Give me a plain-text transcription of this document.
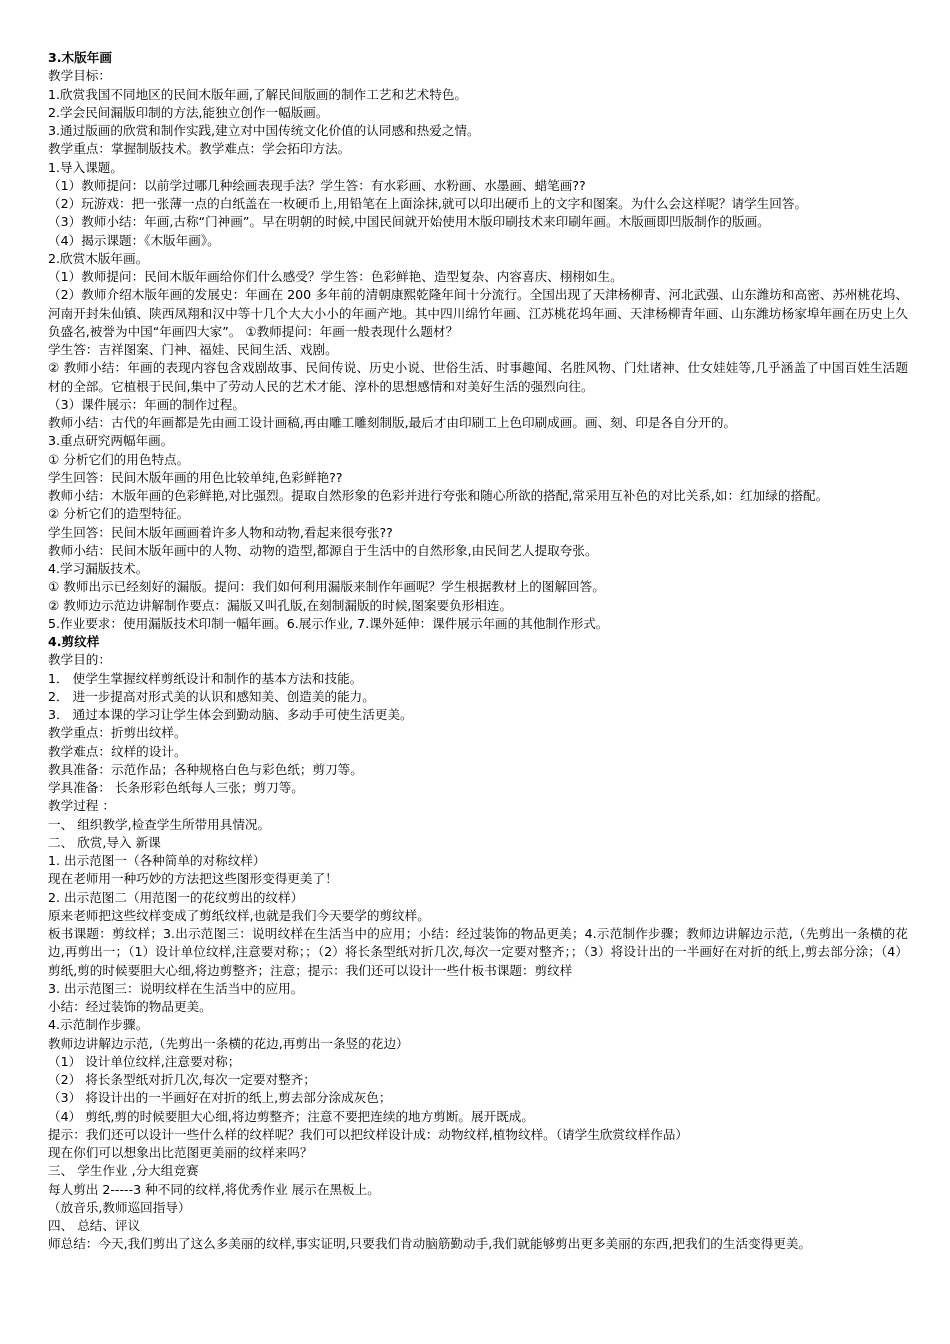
3.木版年画
教学目标：
1.欣赏我国不同地区的民间木版年画,了解民间版画的制作工艺和艺术特色。
2.学会民间漏版印制的方法,能独立创作一幅版画。
3.通过版画的欣赏和制作实践,建立对中国传统文化价值的认同感和热爱之情。
教学重点：掌握制版技术。教学难点：学会拓印方法。
1.导入课题。
（1）教师提问：以前学过哪几种绘画表现手法？学生答：有水彩画、水粉画、水墨画、蜡笔画??
（2）玩游戏：把一张薄一点的白纸盖在一枚硬币上,用铅笔在上面涂抹,就可以印出硬币上的文字和图案。为什么会这样呢？请学生回答。
（3）教师小结：年画,古称“门神画”。早在明朝的时候,中国民间就开始使用木版印刷技术来印刷年画。木版画即凹版制作的版画。
（4）揭示课题：《木版年画》。
2.欣赏木版年画。
（1）教师提问：民间木版年画给你们什么感受？学生答：色彩鲜艳、造型复杂、内容喜庆、栩栩如生。
（2）教师介绍木版年画的发展史：年画在 200 多年前的清朝康熙乾隆年间十分流行。全国出现了天津杨柳青、河北武强、山东潍坊和高密、苏州桃花坞、河南开封朱仙镇、陕西凤翔和汉中等十几个大大小小的年画产地。其中四川绵竹年画、江苏桃花坞年画、天津杨柳青年画、山东潍坊杨家埠年画在历史上久负盛名,被誉为中国“年画四大家”。 ①教师提问：年画一般表现什么题材？
学生答：吉祥图案、门神、福娃、民间生活、戏剧。
② 教师小结：年画的表现内容包含戏剧故事、民间传说、历史小说、世俗生活、时事趣闻、名胜风物、门灶诸神、仕女娃娃等,几乎涵盖了中国百姓生活题材的全部。它植根于民间,集中了劳动人民的艺术才能、淳朴的思想感情和对美好生活的强烈向往。
（3）课件展示：年画的制作过程。
教师小结：古代的年画都是先由画工设计画稿,再由雕工雕刻制版,最后才由印刷工上色印刷成画。画、刻、印是各自分开的。
3.重点研究两幅年画。
① 分析它们的用色特点。
学生回答：民间木版年画的用色比较单纯,色彩鲜艳??
教师小结：木版年画的色彩鲜艳,对比强烈。提取自然形象的色彩并进行夸张和随心所欲的搭配,常采用互补色的对比关系,如：红加绿的搭配。
② 分析它们的造型特征。
学生回答：民间木版年画画着许多人物和动物,看起来很夸张??
教师小结：民间木版年画中的人物、动物的造型,都源自于生活中的自然形象,由民间艺人提取夸张。
4.学习漏版技术。
① 教师出示已经刻好的漏版。提问：我们如何利用漏版来制作年画呢？学生根据教材上的图解回答。
② 教师边示范边讲解制作要点：漏版又叫孔版,在刻制漏版的时候,图案要负形相连。
5.作业要求：使用漏版技术印制一幅年画。6.展示作业, 7.课外延伸：课件展示年画的其他制作形式。
4.剪纹样
教学目的：
1． 使学生掌握纹样剪纸设计和制作的基本方法和技能。
2． 进一步提高对形式美的认识和感知美、创造美的能力。
3． 通过本课的学习让学生体会到勤动脑、多动手可使生活更美。
教学重点：折剪出纹样。
教学难点：纹样的设计。
教具准备：示范作品；各种规格白色与彩色纸；剪刀等。
学具准备： 长条形彩色纸每人三张；剪刀等。
教学过程 ：
一、 组织教学,检查学生所带用具情况。
二、 欣赏,导入 新课
1. 出示范图一（各种简单的对称纹样）
现在老师用一种巧妙的方法把这些图形变得更美了！
2. 出示范图二（用范图一的花纹剪出的纹样）
原来老师把这些纹样变成了剪纸纹样,也就是我们今天要学的剪纹样。
板书课题：剪纹样；3.出示范图三：说明纹样在生活当中的应用；小结：经过装饰的物品更美；4.示范制作步骤；教师边讲解边示范,（先剪出一条横的花边,再剪出一；（1）设计单位纹样,注意要对称；；（2）将长条型纸对折几次,每次一定要对整齐；；（3）将设计出的一半画好在对折的纸上,剪去部分涂；（4）剪纸,剪的时候要胆大心细,将边剪整齐；注意；提示：我们还可以设计一些什板书课题：剪纹样
3. 出示范图三：说明纹样在生活当中的应用。
小结：经过装饰的物品更美。
4.示范制作步骤。
教师边讲解边示范,（先剪出一条横的花边,再剪出一条竖的花边）
（1） 设计单位纹样,注意要对称；
（2） 将长条型纸对折几次,每次一定要对整齐；
（3） 将设计出的一半画好在对折的纸上,剪去部分涂成灰色；
（4） 剪纸,剪的时候要胆大心细,将边剪整齐；注意不要把连续的地方剪断。展开既成。
提示：我们还可以设计一些什么样的纹样呢？我们可以把纹样设计成：动物纹样,植物纹样。（请学生欣赏纹样作品）
现在你们可以想象出比范图更美丽的纹样来吗？
三、 学生作业 ,分大组竞赛
每人剪出 2-----3 种不同的纹样,将优秀作业 展示在黑板上。
（放音乐,教师巡回指导）
四、 总结、评议
师总结：今天,我们剪出了这么多美丽的纹样,事实证明,只要我们肯动脑筋勤动手,我们就能够剪出更多美丽的东西,把我们的生活变得更美。
